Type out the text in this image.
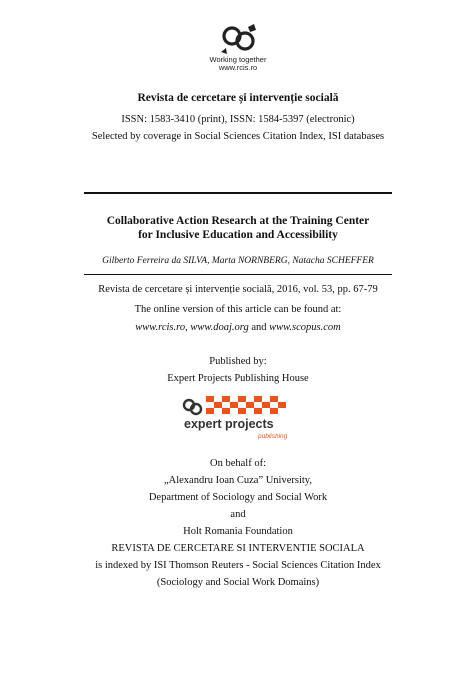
Working together
www.rcis.ro
Revista de cercetare și intervenție socială
ISSN: 1583-3410 (print), ISSN: 1584-5397 (electronic)
Selected by coverage in Social Sciences Citation Index, ISI databases
Collaborative Action Research at the Training Center
for Inclusive Education and Accessibility
Gilberto Ferreira da SILVA, Marta NORNBERG, Natacha SCHEFFER
Revista de cercetare și intervenție socială, 2016, vol. 53, pp. 67-79
The online version of this article can be found at:
www.rcis.ro, www.doaj.org and www.scopus.com
Published by:
Expert Projects Publishing House
expert projects
publishing
On behalf of:
„Alexandru Ioan Cuza” University,
Department of Sociology and Social Work
and
Holt Romania Foundation
REVISTA DE CERCETARE SI INTERVENTIE SOCIALA
is indexed by ISI Thomson Reuters - Social Sciences Citation Index
(Sociology and Social Work Domains)
